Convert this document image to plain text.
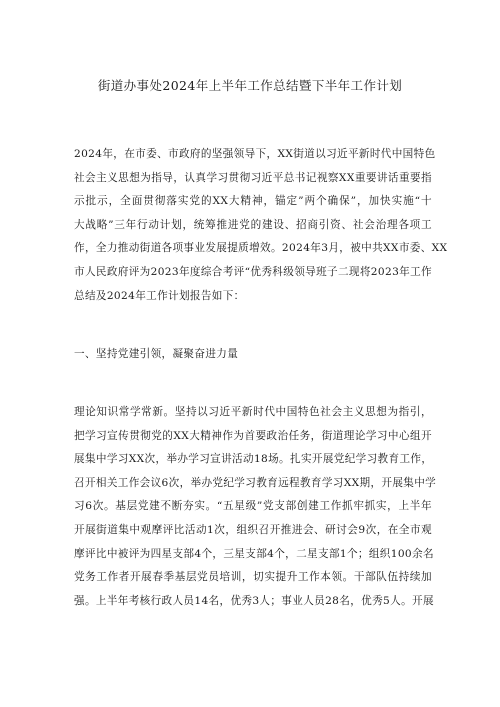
街道办事处2024年上半年工作总结暨下半年工作计划
2024年，在市委、市政府的坚强领导下，XX街道以习近平新时代中国特色
社会主义思想为指导，认真学习贯彻习近平总书记视察XX重要讲话重要指
示批示，全面贯彻落实党的XX大精神，锚定”两个确保”，加快实施“十
大战略”三年行动计划，统筹推进党的建设、招商引资、社会治理各项工
作，全力推动街道各项事业发展提质增效。2024年3月，被中共XX市委、XX
市人民政府评为2023年度综合考评“优秀科级领导班子二现将2023年工作
总结及2024年工作计划报告如下：
一、坚持党建引领，凝聚奋进力量
理论知识常学常新。坚持以习近平新时代中国特色社会主义思想为指引，
把学习宣传贯彻党的XX大精神作为首要政治任务，街道理论学习中心组开
展集中学习XX次，举办学习宣讲活动18场。扎实开展党纪学习教育工作，
召开相关工作会议6次，举办党纪学习教育远程教育学习XX期，开展集中学
习6次。基层党建不断夯实。“五星级”党支部创建工作抓牢抓实，上半年
开展街道集中观摩评比活动1次，组织召开推进会、研讨会9次，在全市观
摩评比中被评为四星支部4个，三星支部4个，二星支部1个；组织100余名
党务工作者开展春季基层党员培训，切实提升工作本领。干部队伍持续加
强。上半年考核行政人员14名，优秀3人；事业人员28名，优秀5人。开展
